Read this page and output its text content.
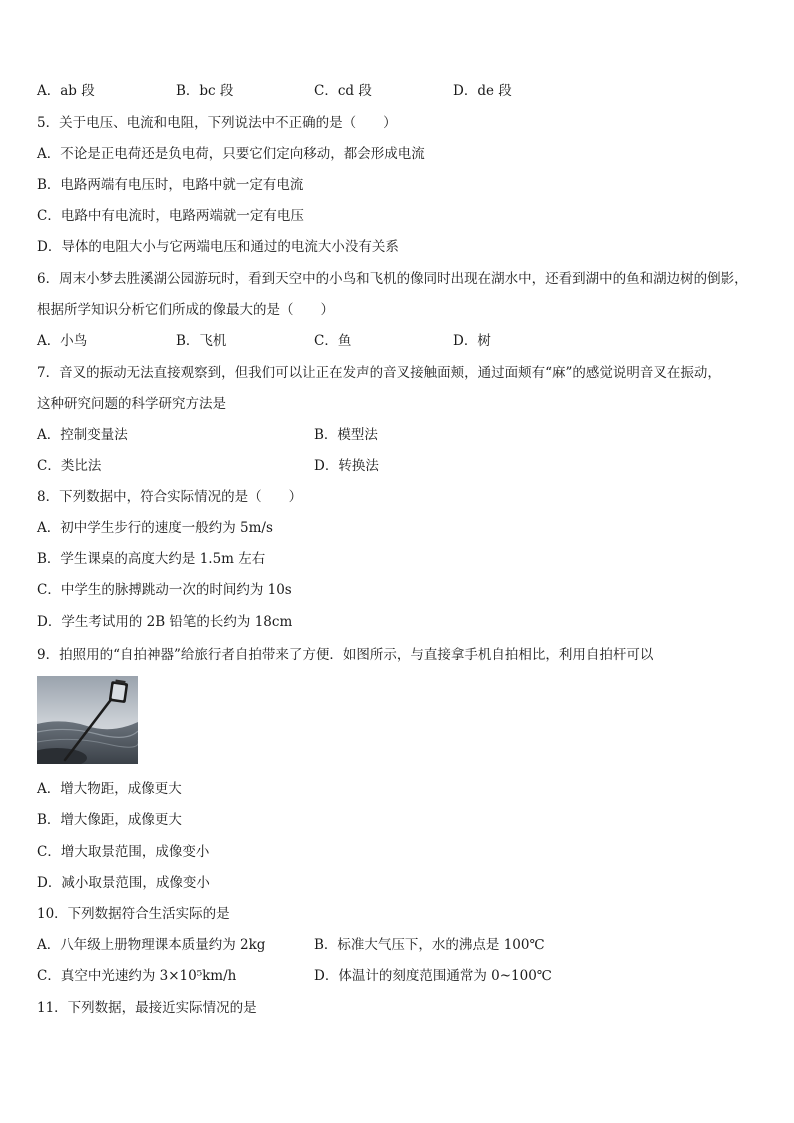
A．ab 段	B．bc 段	C．cd 段	D．de 段
5．关于电压、电流和电阻，下列说法中不正确的是（　　）
A．不论是正电荷还是负电荷，只要它们定向移动，都会形成电流
B．电路两端有电压时，电路中就一定有电流
C．电路中有电流时，电路两端就一定有电压
D．导体的电阻大小与它两端电压和通过的电流大小没有关系
6．周末小梦去胜溪湖公园游玩时，看到天空中的小鸟和飞机的像同时出现在湖水中，还看到湖中的鱼和湖边树的倒影，
根据所学知识分析它们所成的像最大的是（　　）
A．小鸟	B．飞机	C．鱼	D．树
7．音叉的振动无法直接观察到，但我们可以让正在发声的音叉接触面颊，通过面颊有“麻”的感觉说明音叉在振动，
这种研究问题的科学研究方法是
A．控制变量法	B．模型法
C．类比法	D．转换法
8．下列数据中，符合实际情况的是（　　）
A．初中学生步行的速度一般约为 5m/s
B．学生课桌的高度大约是 1.5m 左右
C．中学生的脉搏跳动一次的时间约为 10s
D．学生考试用的 2B 铅笔的长约为 18cm
9．拍照用的“自拍神器”给旅行者自拍带来了方便．如图所示，与直接拿手机自拍相比，利用自拍杆可以
A．增大物距，成像更大
B．增大像距，成像更大
C．增大取景范围，成像变小
D．减小取景范围，成像变小
10．下列数据符合生活实际的是
A．八年级上册物理课本质量约为 2kg	B．标准大气压下，水的沸点是 100℃
C．真空中光速约为 3×10⁵km/h	D．体温计的刻度范围通常为 0~100℃
11．下列数据，最接近实际情况的是
